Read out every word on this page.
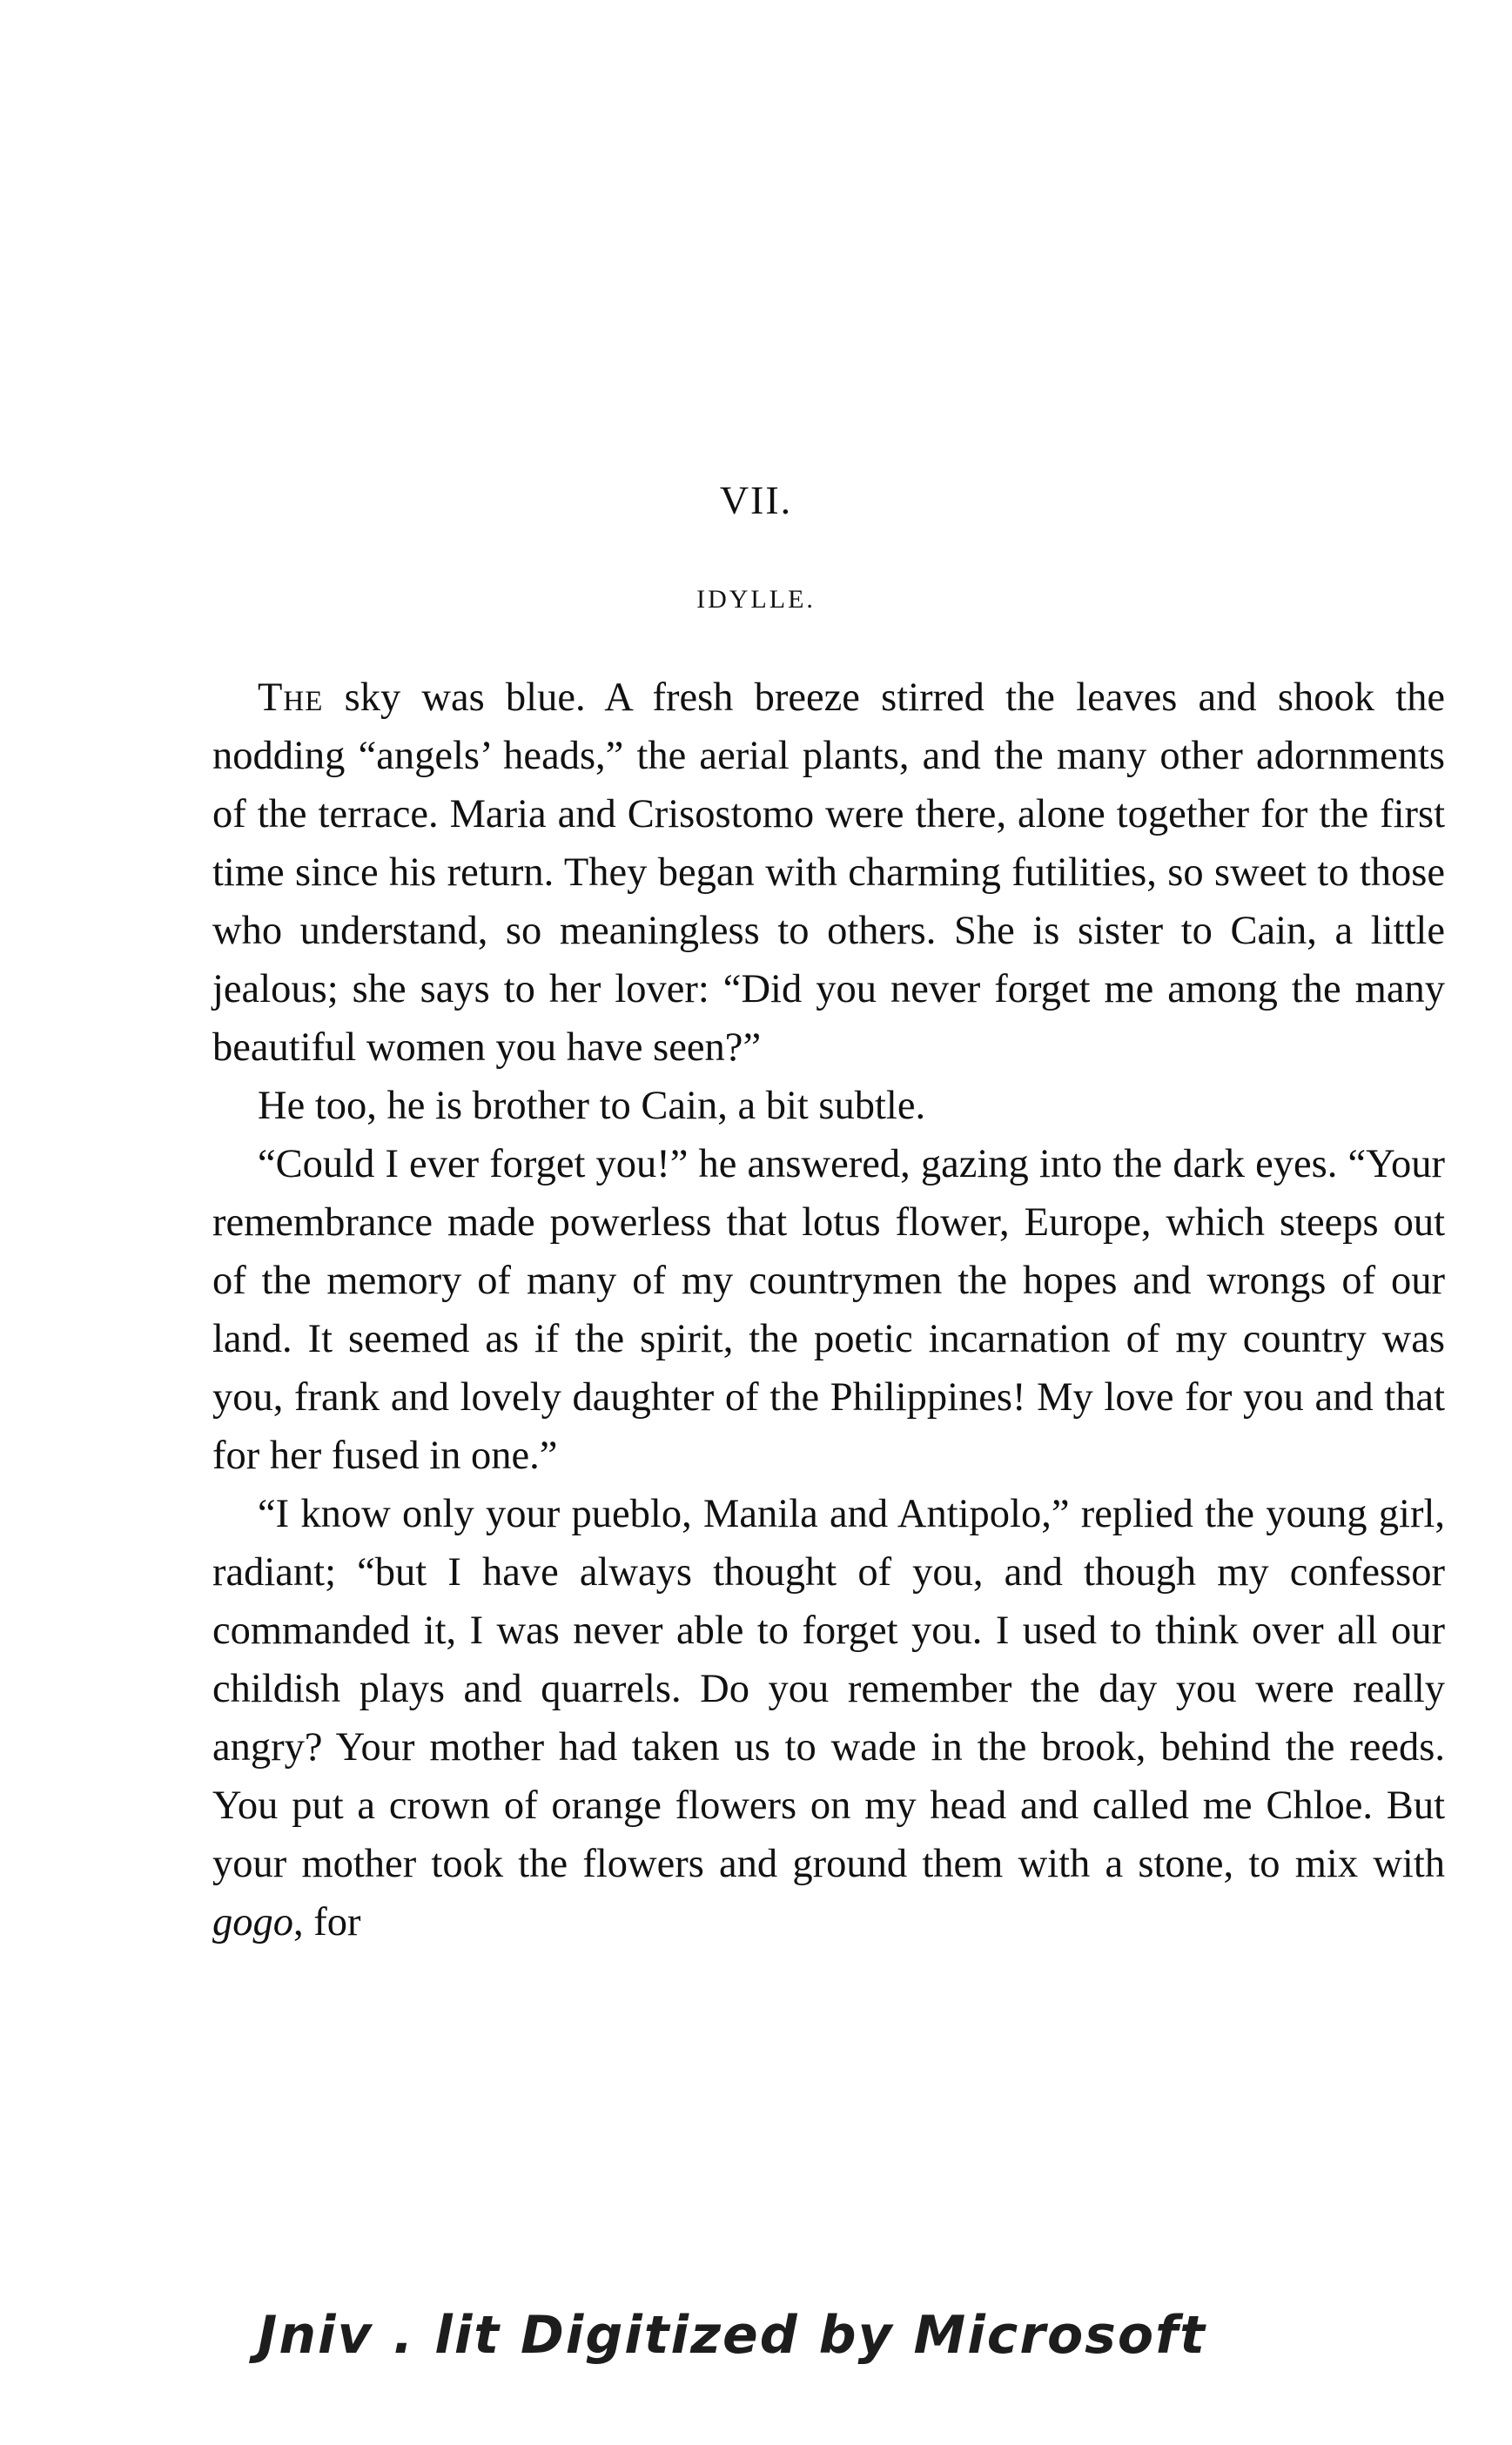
VII.
IDYLLE.

The sky was blue. A fresh breeze stirred the leaves and shook the nodding “angels’ heads,” the aerial plants, and the many other adornments of the terrace. Maria and Crisostomo were there, alone together for the first time since his return. They began with charming futilities, so sweet to those who understand, so meaningless to others. She is sister to Cain, a little jealous; she says to her lover: “Did you never forget me among the many beautiful women you have seen?”

He too, he is brother to Cain, a bit subtle.

“Could I ever forget you!” he answered, gazing into the dark eyes. “Your remembrance made powerless that lotus flower, Europe, which steeps out of the memory of many of my countrymen the hopes and wrongs of our land. It seemed as if the spirit, the poetic incarnation of my country was you, frank and lovely daughter of the Philippines! My love for you and that for her fused in one.”

“I know only your pueblo, Manila and Antipolo,” replied the young girl, radiant; “but I have always thought of you, and though my confessor commanded it, I was never able to forget you. I used to think over all our childish plays and quarrels. Do you remember the day you were really angry? Your mother had taken us to wade in the brook, behind the reeds. You put a crown of orange flowers on my head and called me Chloe. But your mother took the flowers and ground them with a stone, to mix with gogo, for

Jniv . lit Digitized by Microsoft
